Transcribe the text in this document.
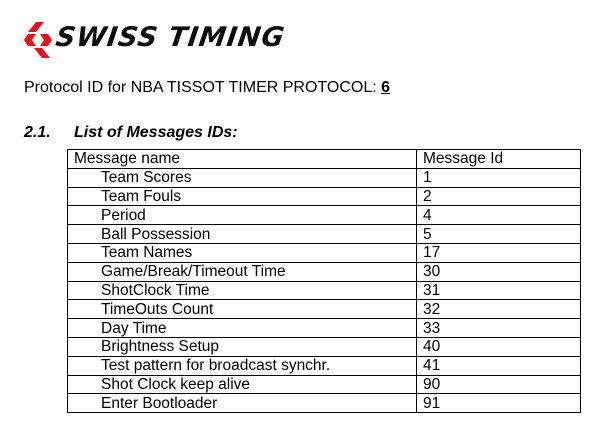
SWISS TIMING
Protocol ID for NBA TISSOT TIMER PROTOCOL: 6
2.1. List of Messages IDs:
Message name	Message Id
Team Scores	1
Team Fouls	2
Period	4
Ball Possession	5
Team Names	17
Game/Break/Timeout Time	30
ShotClock Time	31
TimeOuts Count	32
Day Time	33
Brightness Setup	40
Test pattern for broadcast synchr.	41
Shot Clock keep alive	90
Enter Bootloader	91
